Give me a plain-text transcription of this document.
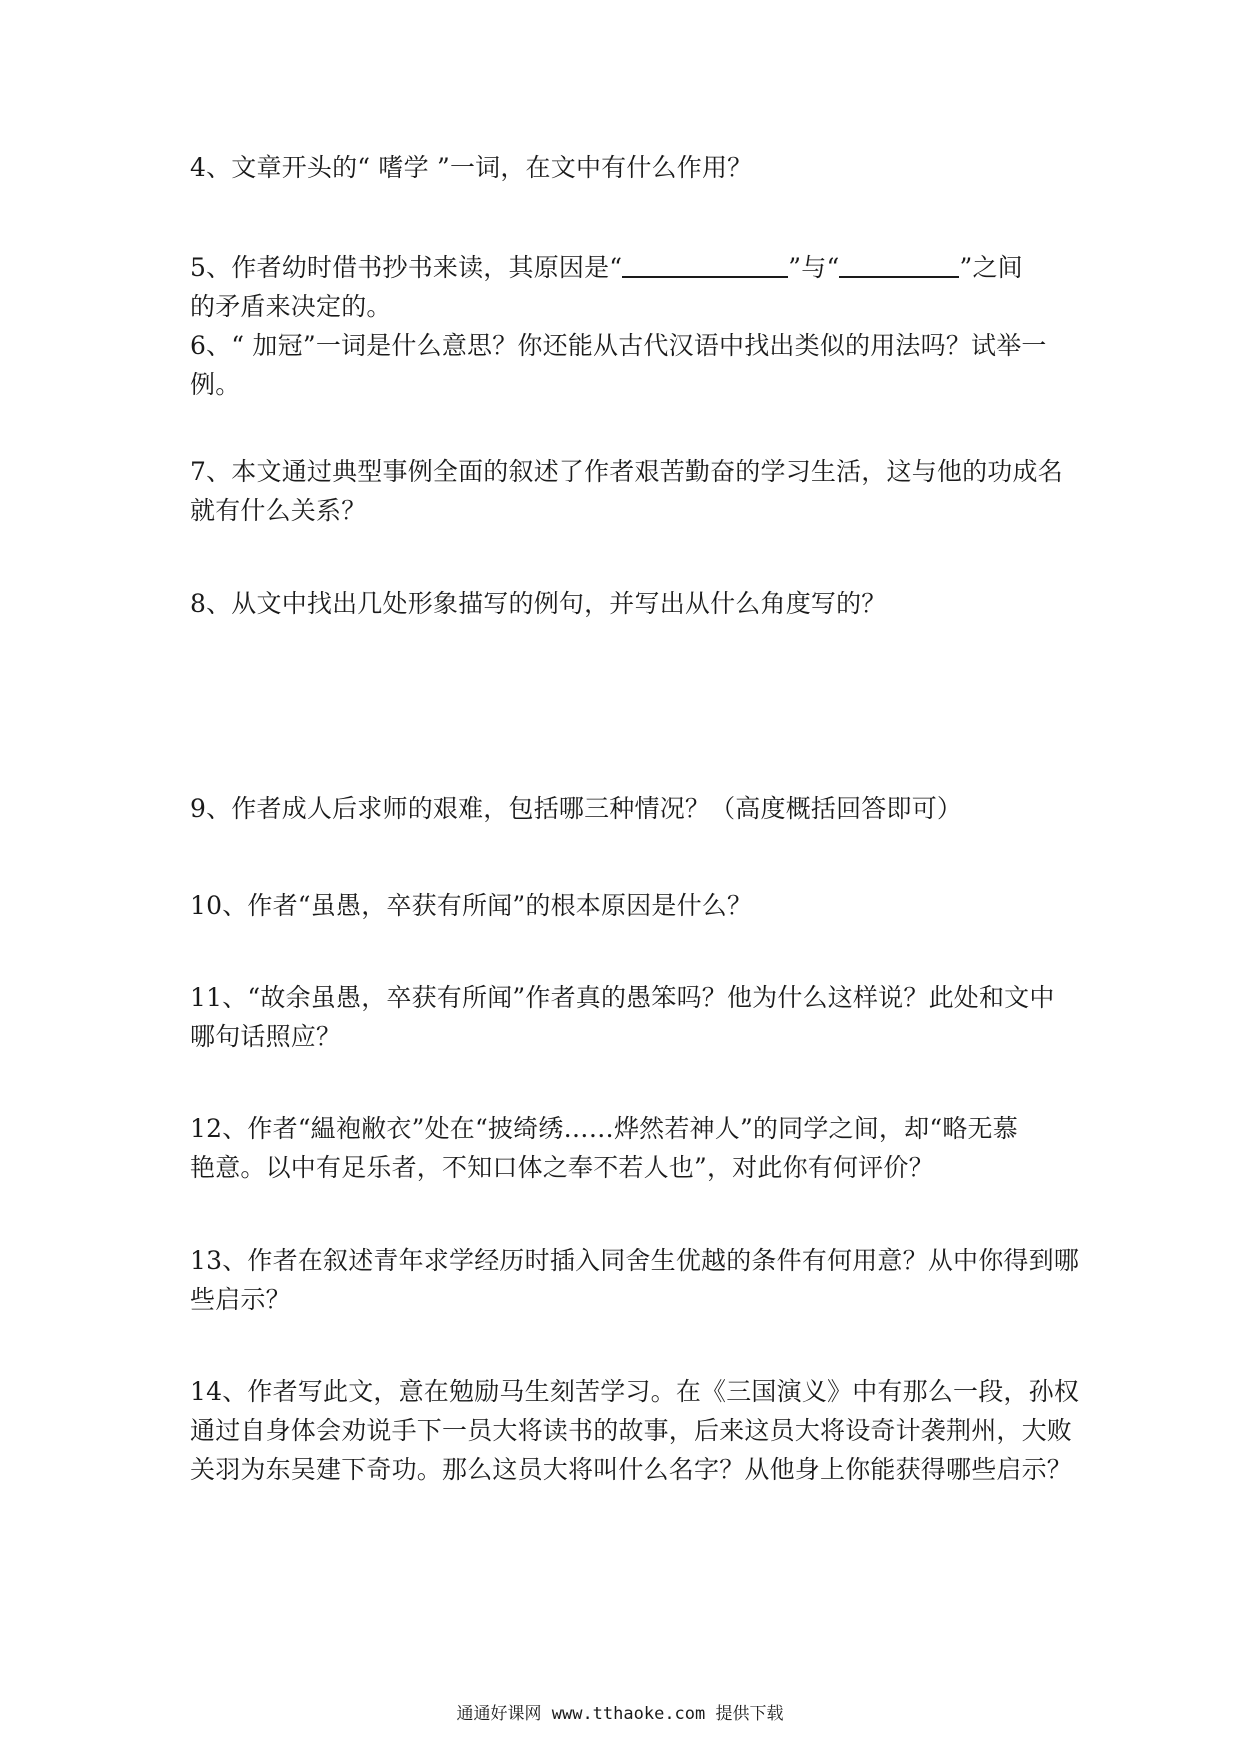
4、文章开头的“ 嗜学 ”一词，在文中有什么作用？
5、作者幼时借书抄书来读，其原因是“	”与“	”之间
的矛盾来决定的。
6、“ 加冠”一词是什么意思？你还能从古代汉语中找出类似的用法吗？试举一
例。
7、本文通过典型事例全面的叙述了作者艰苦勤奋的学习生活，这与他的功成名
就有什么关系？
8、从文中找出几处形象描写的例句，并写出从什么角度写的？
9、作者成人后求师的艰难，包括哪三种情况？（高度概括回答即可）
10、作者“虽愚，卒获有所闻”的根本原因是什么？
11、“故余虽愚，卒获有所闻”作者真的愚笨吗？他为什么这样说？此处和文中
哪句话照应？
12、作者“緼袍敝衣”处在“披绮绣……烨然若神人”的同学之间，却“略无慕
艳意。以中有足乐者，不知口体之奉不若人也”，对此你有何评价？
13、作者在叙述青年求学经历时插入同舍生优越的条件有何用意？从中你得到哪
些启示？
14、作者写此文，意在勉励马生刻苦学习。在《三国演义》中有那么一段，孙权
通过自身体会劝说手下一员大将读书的故事，后来这员大将设奇计袭荆州，大败
关羽为东吴建下奇功。那么这员大将叫什么名字？从他身上你能获得哪些启示？
通通好课网 www.tthaoke.com 提供下载
